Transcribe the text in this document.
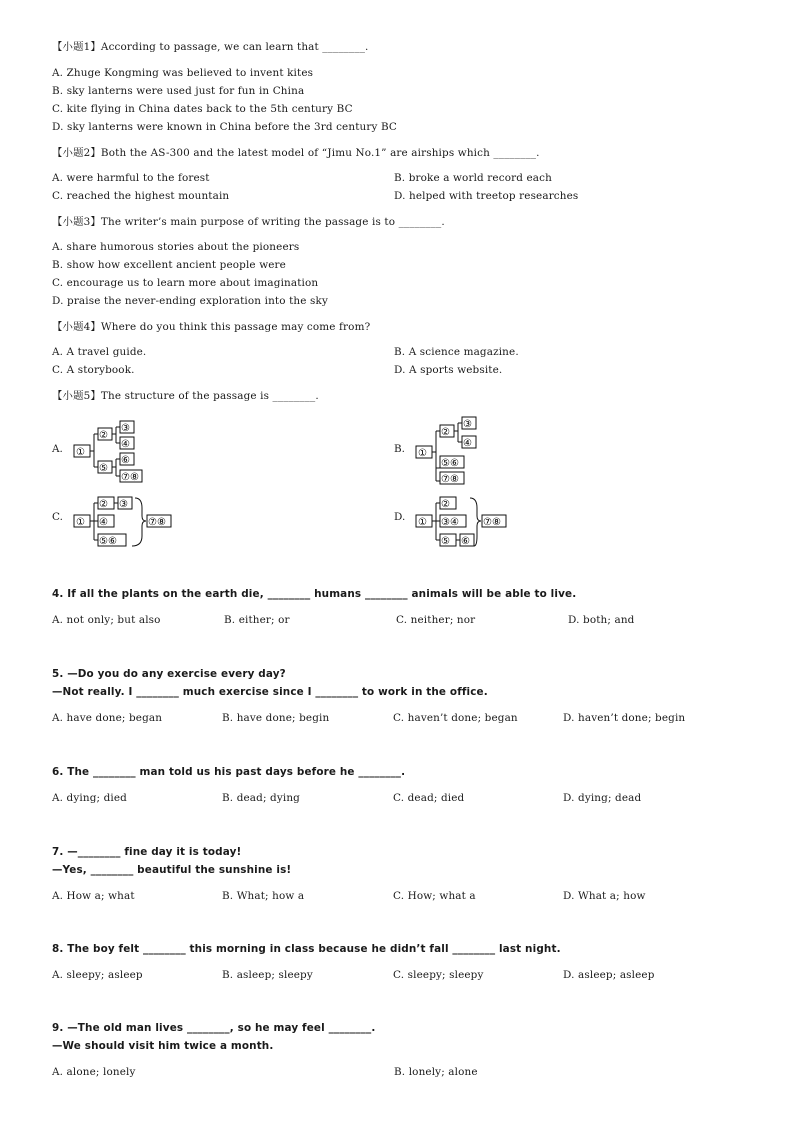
【小题1】According to passage, we can learn that ________.
A. Zhuge Kongming was believed to invent kites
B. sky lanterns were used just for fun in China
C. kite flying in China dates back to the 5th century BC
D. sky lanterns were known in China before the 3rd century BC
【小题2】Both the AS-300 and the latest model of “Jimu No.1” are airships which ________.
A. were harmful to the forest	B. broke a world record each
C. reached the highest mountain	D. helped with treetop researches
【小题3】The writer’s main purpose of writing the passage is to ________.
A. share humorous stories about the pioneers
B. show how excellent ancient people were
C. encourage us to learn more about imagination
D. praise the never-ending exploration into the sky
【小题4】Where do you think this passage may come from?
A. A travel guide.	B. A science magazine.
C. A storybook.	D. A sports website.
【小题5】The structure of the passage is ________.
A.	B.
C.	D.
①
②
③
④
⑤
⑥
⑦⑧
①
②
③
④
⑤⑥
⑦⑧
①
② ③
④
⑤⑥
⑦⑧	①
②
③④
⑤ ⑥
⑦⑧
4. If all the plants on the earth die, ________ humans ________ animals will be able to live.
A. not only; but also	B. either; or	C. neither; nor	D. both; and
5. —Do you do any exercise every day?
—Not really. I ________ much exercise since I ________ to work in the office.
A. have done; began	B. have done; begin	C. haven’t done; began	D. haven’t done; begin
6. The ________ man told us his past days before he ________.
A. dying; died	B. dead; dying	C. dead; died	D. dying; dead
7. —________ fine day it is today!
—Yes, ________ beautiful the sunshine is!
A. How a; what	B. What; how a	C. How; what a	D. What a; how
8. The boy felt ________ this morning in class because he didn’t fall ________ last night.
A. sleepy; asleep	B. asleep; sleepy	C. sleepy; sleepy	D. asleep; asleep
9. —The old man lives ________, so he may feel ________.
—We should visit him twice a month.
A. alone; lonely	B. lonely; alone
